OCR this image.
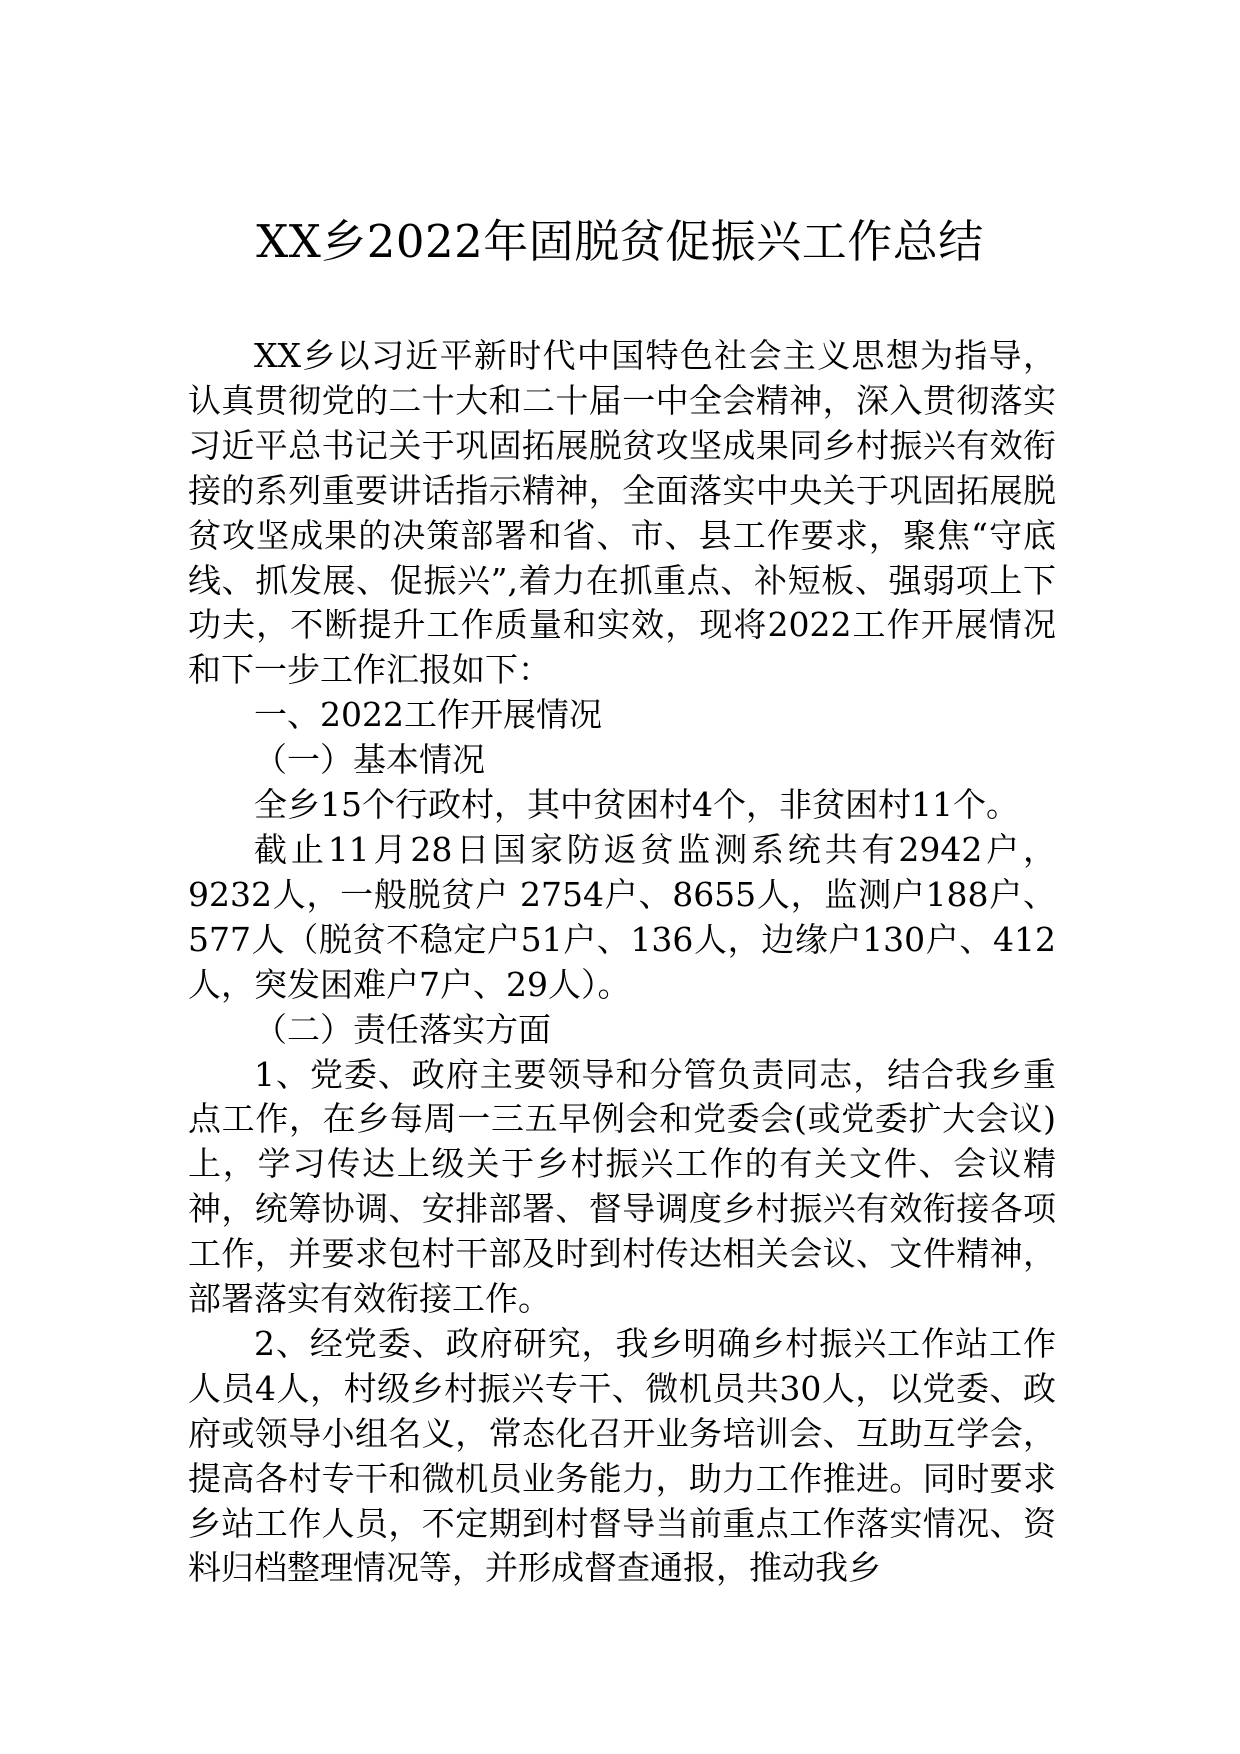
XX乡2022年固脱贫促振兴工作总结

XX乡以习近平新时代中国特色社会主义思想为指导，认真贯彻党的二十大和二十届一中全会精神，深入贯彻落实习近平总书记关于巩固拓展脱贫攻坚成果同乡村振兴有效衔接的系列重要讲话指示精神，全面落实中央关于巩固拓展脱贫攻坚成果的决策部署和省、市、县工作要求，聚焦“守底线、抓发展、促振兴”,着力在抓重点、补短板、强弱项上下功夫，不断提升工作质量和实效，现将2022工作开展情况和下一步工作汇报如下：

一、2022工作开展情况

（一）基本情况

全乡15个行政村，其中贫困村4个，非贫困村11个。

截止11月28日国家防返贫监测系统共有2942户，9232人，一般脱贫户 2754户、8655人，监测户188户、577人（脱贫不稳定户51户、136人，边缘户130户、412人，突发困难户7户、29人）。

（二）责任落实方面

1、党委、政府主要领导和分管负责同志，结合我乡重点工作，在乡每周一三五早例会和党委会(或党委扩大会议)上，学习传达上级关于乡村振兴工作的有关文件、会议精神，统筹协调、安排部署、督导调度乡村振兴有效衔接各项工作，并要求包村干部及时到村传达相关会议、文件精神，部署落实有效衔接工作。

2、经党委、政府研究，我乡明确乡村振兴工作站工作人员4人，村级乡村振兴专干、微机员共30人，以党委、政府或领导小组名义，常态化召开业务培训会、互助互学会，提高各村专干和微机员业务能力，助力工作推进。同时要求乡站工作人员，不定期到村督导当前重点工作落实情况、资料归档整理情况等，并形成督查通报，推动我乡
